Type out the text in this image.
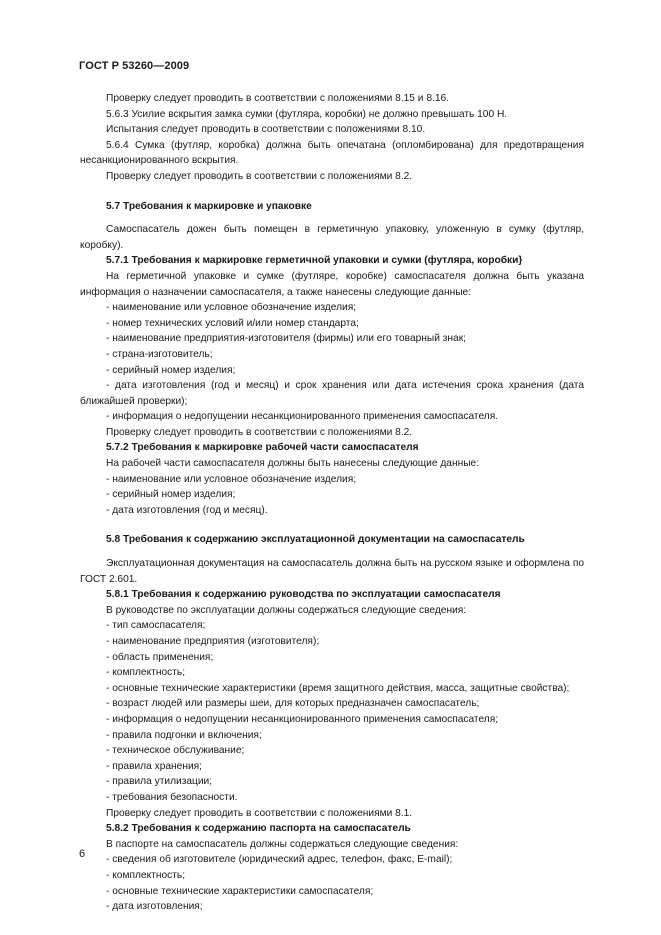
ГОСТ Р 53260—2009
Проверку следует проводить в соответствии с положениями 8.15 и 8.16.
5.6.3 Усилие вскрытия замка сумки (футляра, коробки) не должно превышать 100 Н.
Испытания следует проводить в соответствии с положениями 8.10.
5.6.4 Сумка (футляр, коробка) должна быть опечатана (опломбирована) для предотвращения несанкционированного вскрытия.
Проверку следует проводить в соответствии с положениями 8.2.
5.7 Требования к маркировке и упаковке
Самоспасатель дожен быть помещен в герметичную упаковку, уложенную в сумку (футляр, коробку).
5.7.1 Требования к маркировке герметичной упаковки и сумки (футляра, коробки}
На герметичной упаковке и сумке (футляре, коробке) самоспасателя должна быть указана информация о назначении самоспасателя, а также нанесены следующие данные:
- наименование или условное обозначение изделия;
- номер технических условий и/или номер стандарта;
- наименование предприятия-изготовителя (фирмы) или его товарный знак;
- страна-изготовитель;
- серийный номер изделия;
- дата изготовления (год и месяц) и срок хранения или дата истечения срока хранения (дата ближайшей проверки);
- информация о недопущении несанкционированного применения самоспасателя.
Проверку следует проводить в соответствии с положениями 8.2.
5.7.2 Требования к маркировке рабочей части самоспасателя
На рабочей части самоспасателя должны быть нанесены следующие данные:
- наименование или условное обозначение изделия;
- серийный номер изделия;
- дата изготовления (год и месяц).
5.8 Требования к содержанию эксплуатационной документации на самоспасатель
Эксплуатационная документация на самоспасатель должна быть на русском языке и оформлена по ГОСТ 2.601.
5.8.1 Требования к содержанию руководства по эксплуатации самоспасателя
В руководстве по эксплуатации должны содержаться следующие сведения:
- тип самоспасателя;
- наименование предприятия (изготовителя);
- область применения;
- комплектность;
- основные технические характеристики (время защитного действия, масса, защитные свойства);
- возраст людей или размеры шеи, для которых предназначен самоспасатель;
- информация о недопущении несанкционированного применения самоспасателя;
- правила подгонки и включения;
- техническое обслуживание;
- правила хранения;
- правила утилизации;
- требования безопасности.
Проверку следует проводить в соответствии с положениями 8.1.
5.8.2 Требования к содержанию паспорта на самоспасатель
В паспорте на самоспасатель должны содержаться следующие сведения:
- сведения об изготовителе (юридический адрес, телефон, факс, E-mail);
- комплектность;
- основные технические характеристики самоспасателя;
- дата изготовления;
6
